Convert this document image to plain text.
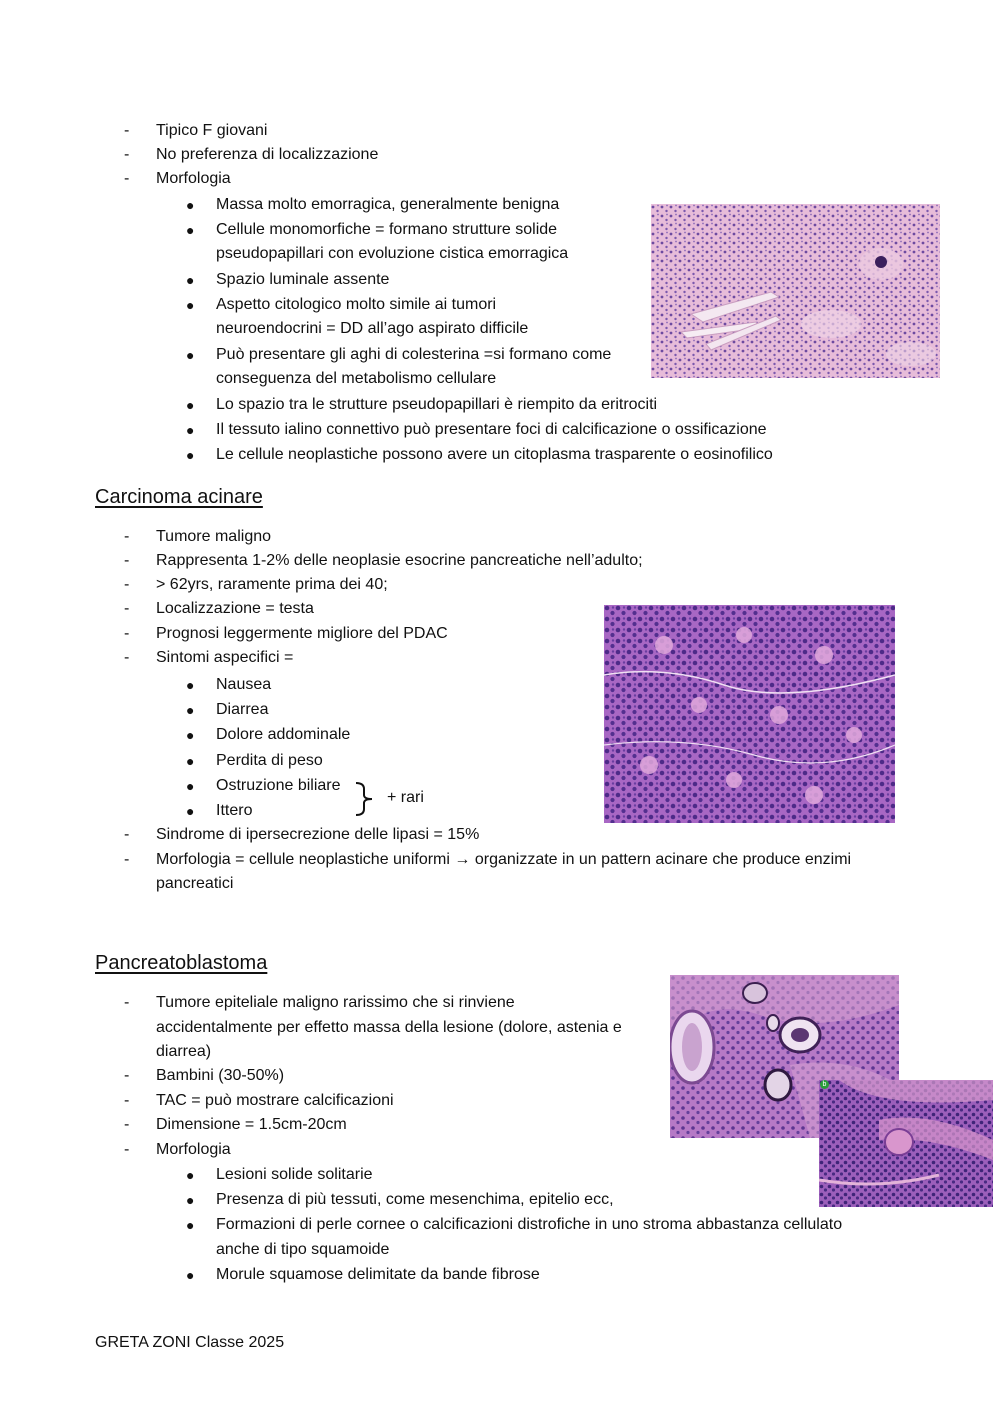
- Tipico F giovani
- No preferenza di localizzazione
- Morfologia
● Massa molto emorragica, generalmente benigna
● Cellule monomorfiche = formano strutture solide
pseudopapillari con evoluzione cistica emorragica
● Spazio luminale assente
● Aspetto citologico molto simile ai tumori
neuroendocrini = DD all’ago aspirato difficile
● Può presentare gli aghi di colesterina =si formano come
conseguenza del metabolismo cellulare
● Lo spazio tra le strutture pseudopapillari è riempito da eritrociti
● Il tessuto ialino connettivo può presentare foci di calcificazione o ossificazione
● Le cellule neoplastiche possono avere un citoplasma trasparente o eosinofilico
Carcinoma acinare
- Tumore maligno
- Rappresenta 1-2% delle neoplasie esocrine pancreatiche nell’adulto;
- > 62yrs, raramente prima dei 40;
- Localizzazione = testa
- Prognosi leggermente migliore del PDAC
- Sintomi aspecifici =
● Nausea
● Diarrea
● Dolore addominale
● Perdita di peso
● Ostruzione biliare
● Ittero
+ rari
- Sindrome di ipersecrezione delle lipasi = 15%
- Morfologia = cellule neoplastiche uniformi → organizzate in un pattern acinare che produce enzimi
pancreatici
Pancreatoblastoma
- Tumore epiteliale maligno rarissimo che si rinviene
accidentalmente per effetto massa della lesione (dolore, astenia e
diarrea)
- Bambini (30-50%)
- TAC = può mostrare calcificazioni
- Dimensione = 1.5cm-20cm
- Morfologia
● Lesioni solide solitarie
● Presenza di più tessuti, come mesenchima, epitelio ecc,
● Formazioni di perle cornee o calcificazioni distrofiche in uno stroma abbastanza cellulato
anche di tipo squamoide
● Morule squamose delimitate da bande fibrose
b
GRETA ZONI Classe 2025
